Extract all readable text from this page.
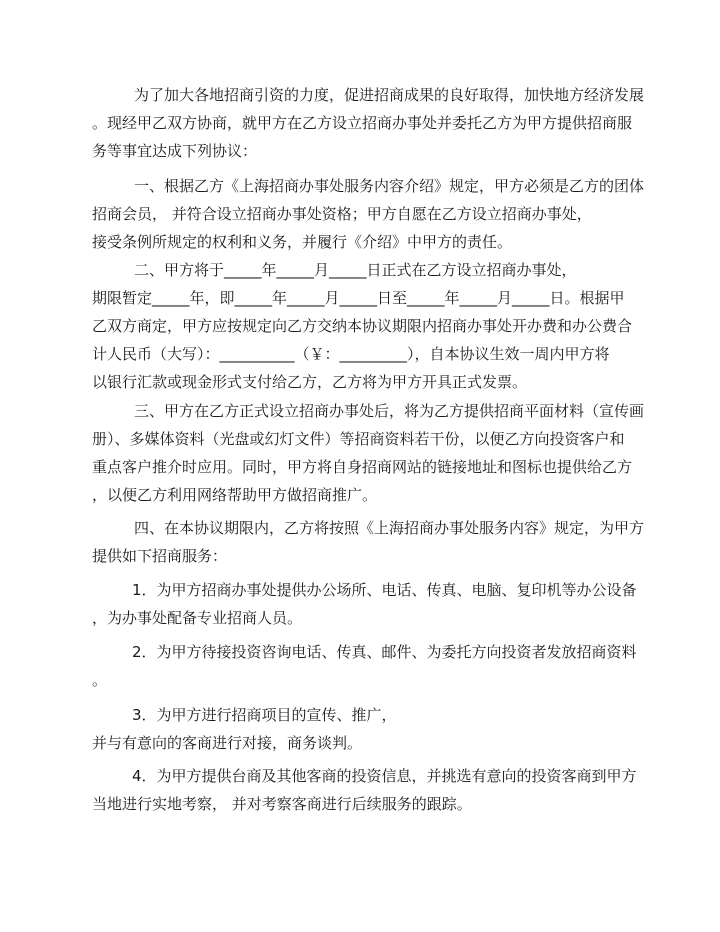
为了加大各地招商引资的力度，促进招商成果的良好取得，加快地方经济发展
。现经甲乙双方协商，就甲方在乙方设立招商办事处并委托乙方为甲方提供招商服
务等事宜达成下列协议：
一、根据乙方《上海招商办事处服务内容介绍》规定，甲方必须是乙方的团体
招商会员， 并符合设立招商办事处资格；甲方自愿在乙方设立招商办事处，
接受条例所规定的权利和义务，并履行《介绍》中甲方的责任。
二、甲方将于_____年_____月_____日正式在乙方设立招商办事处，
期限暂定_____年，即_____年_____月_____日至_____年_____月_____日。根据甲
乙双方商定，甲方应按规定向乙方交纳本协议期限内招商办事处开办费和办公费合
计人民币（大写）：__________（￥：_________），自本协议生效一周内甲方将
以银行汇款或现金形式支付给乙方，乙方将为甲方开具正式发票。
三、甲方在乙方正式设立招商办事处后，将为乙方提供招商平面材料（宣传画
册）、多媒体资料（光盘或幻灯文件）等招商资料若干份，以便乙方向投资客户和
重点客户推介时应用。同时，甲方将自身招商网站的链接地址和图标也提供给乙方
，以便乙方利用网络帮助甲方做招商推广。
四、在本协议期限内，乙方将按照《上海招商办事处服务内容》规定，为甲方
提供如下招商服务：
1．为甲方招商办事处提供办公场所、电话、传真、电脑、复印机等办公设备
，为办事处配备专业招商人员。
2．为甲方待接投资咨询电话、传真、邮件、为委托方向投资者发放招商资料
。
3．为甲方进行招商项目的宣传、推广，
并与有意向的客商进行对接，商务谈判。
4．为甲方提供台商及其他客商的投资信息，并挑选有意向的投资客商到甲方
当地进行实地考察， 并对考察客商进行后续服务的跟踪。
